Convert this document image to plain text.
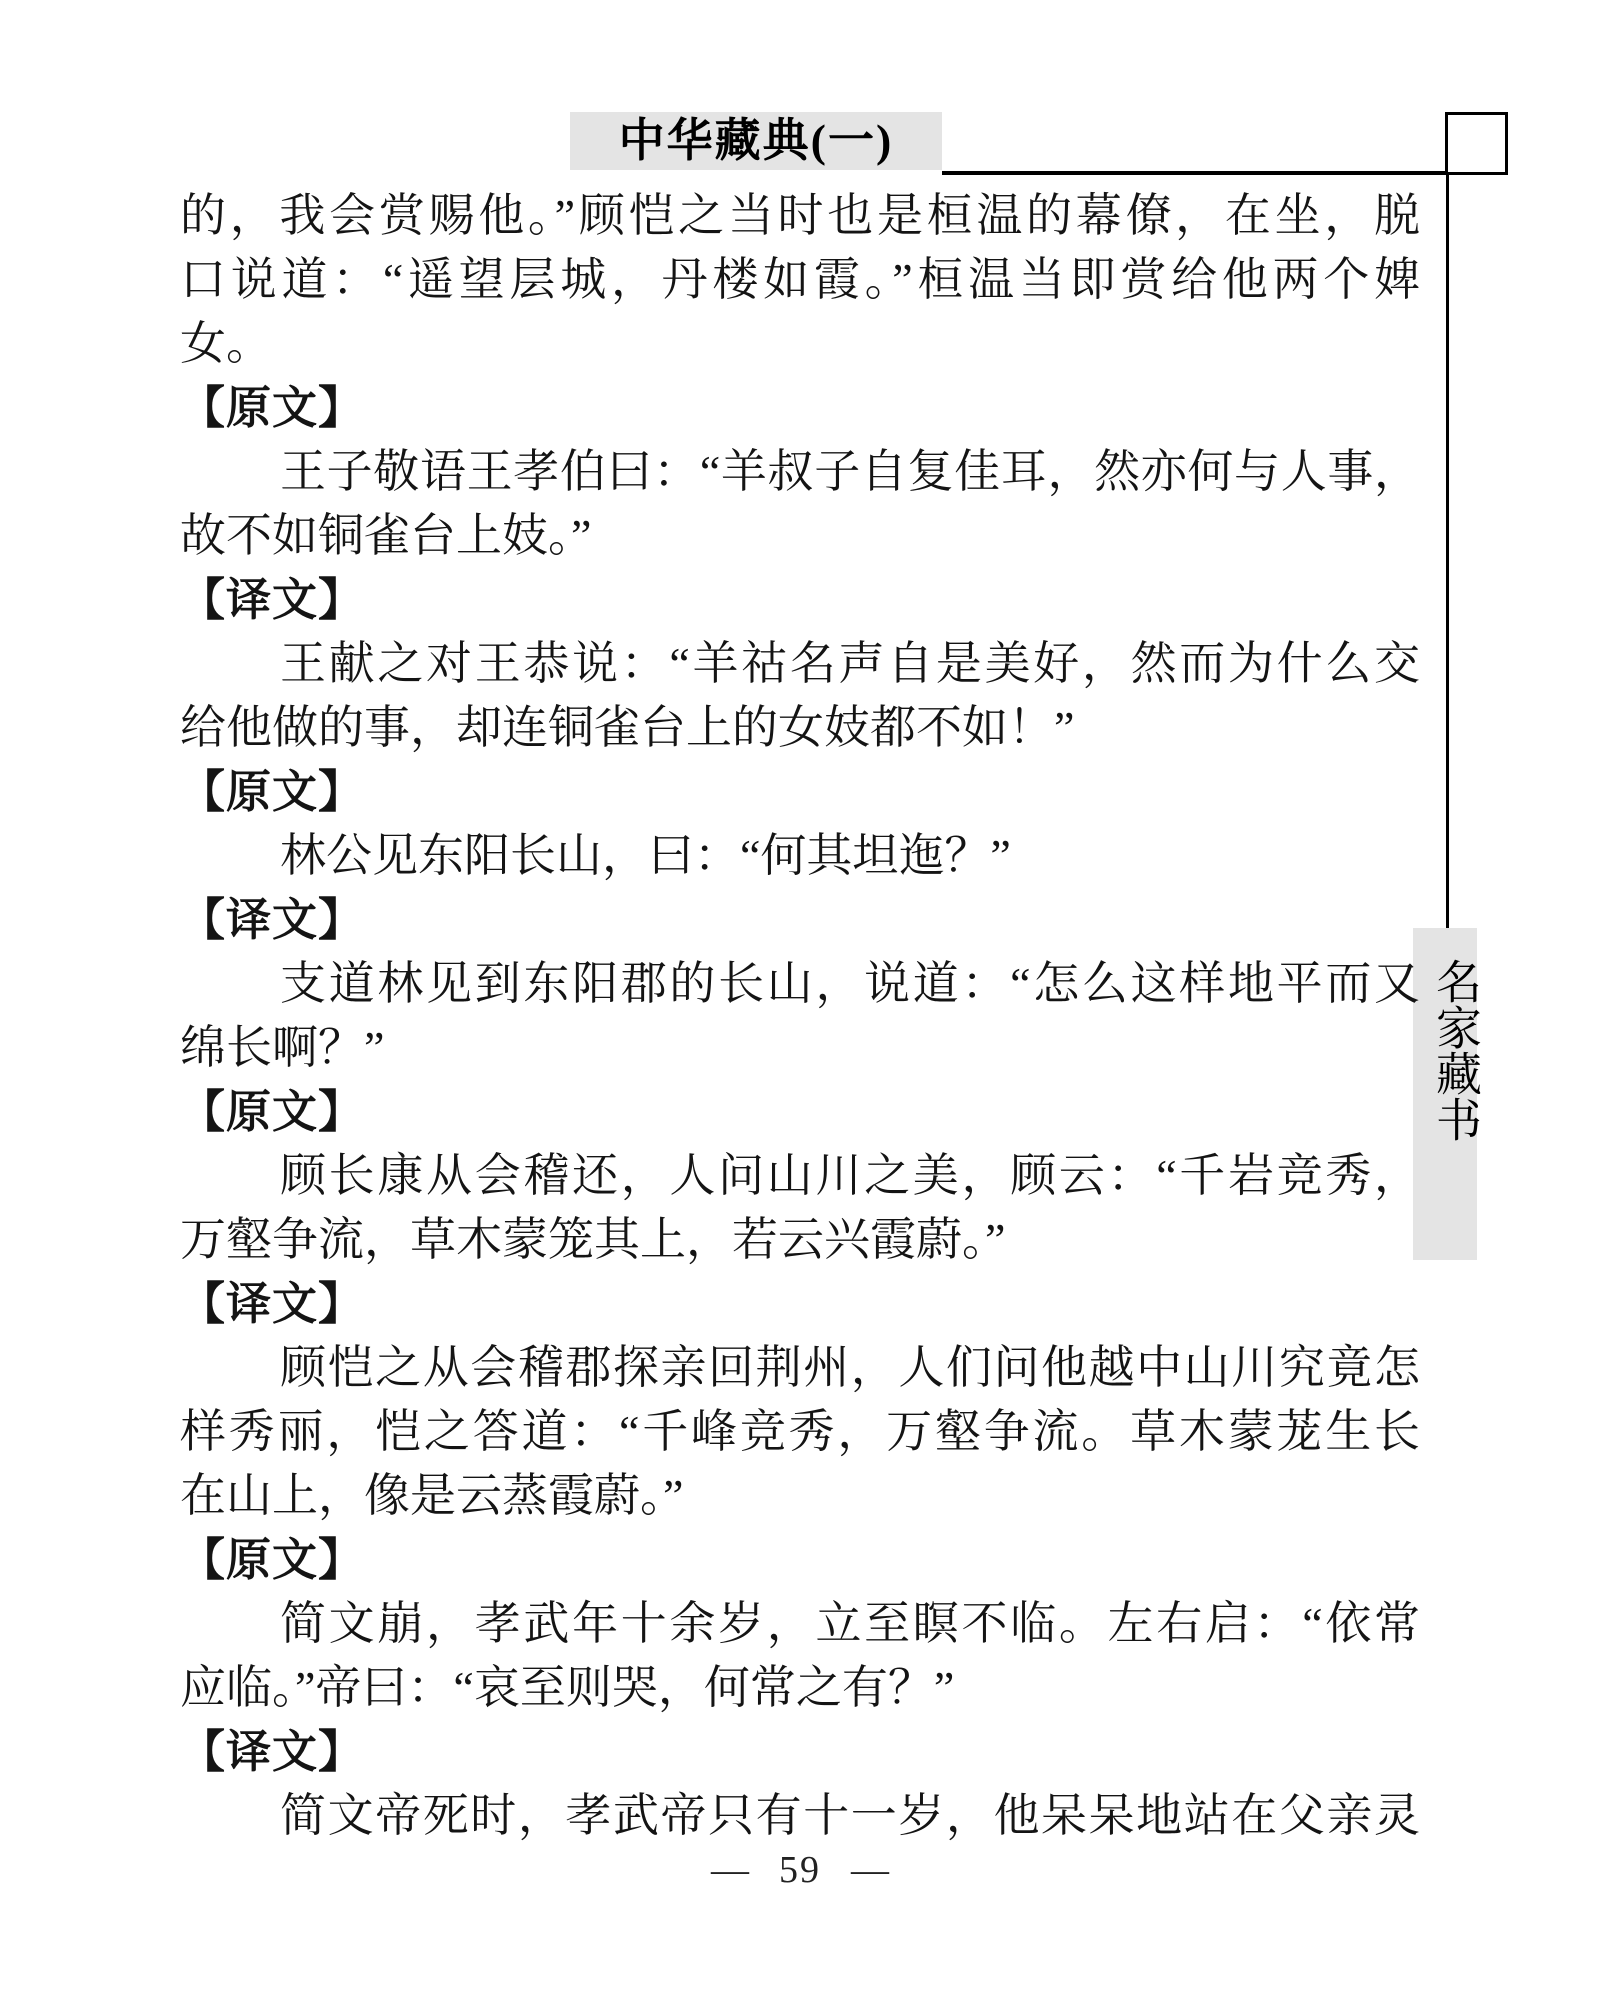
中华藏典(一)
名家藏书
的，我会赏赐他。”顾恺之当时也是桓温的幕僚，在坐，脱
口说道：“遥望层城，丹楼如霞。”桓温当即赏给他两个婢
女。
【原文】
王子敬语王孝伯曰：“羊叔子自复佳耳，然亦何与人事，
故不如铜雀台上妓。”
【译文】
王献之对王恭说：“羊祜名声自是美好，然而为什么交
给他做的事，却连铜雀台上的女妓都不如！”
【原文】
林公见东阳长山，曰：“何其坦迤？”
【译文】
支道林见到东阳郡的长山，说道：“怎么这样地平而又
绵长啊？”
【原文】
顾长康从会稽还，人问山川之美，顾云：“千岩竞秀，
万壑争流，草木蒙笼其上，若云兴霞蔚。”
【译文】
顾恺之从会稽郡探亲回荆州，人们问他越中山川究竟怎
样秀丽，恺之答道：“千峰竞秀，万壑争流。草木蒙茏生长
在山上，像是云蒸霞蔚。”
【原文】
简文崩，孝武年十余岁，立至瞑不临。左右启：“依常
应临。”帝曰：“哀至则哭，何常之有？”
【译文】
简文帝死时，孝武帝只有十一岁，他呆呆地站在父亲灵
— 59 —
